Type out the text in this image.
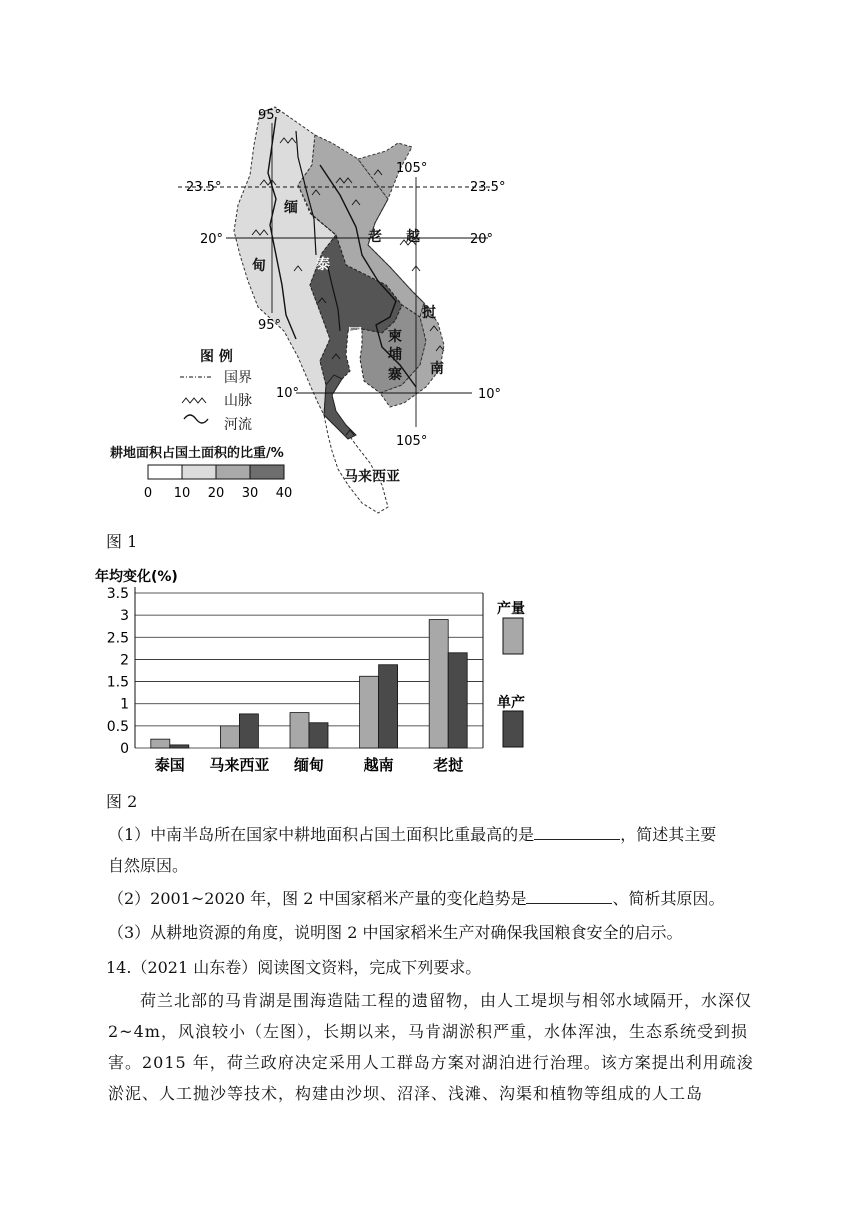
95°
95°
105°
105°
23.5°	23.5°
20°	20°
10°	10°
缅
甸
老
挝
泰
国
越
南
柬
埔
寨
马来西亚
图 例
国界
山脉
河流
耕地面积占国土面积的比重/%
0 10 20 30 40
图 1
年均变化(%)
0
0.5
1
1.5
2
2.5
3
3.5
泰国 马来西亚 缅甸	越南	老挝
产量
单产
图 2
（1）中南半岛所在国家中耕地面积占国土面积比重最高的是	，简述其主要
自然原因。
（2）2001~2020 年，图 2 中国家稻米产量的变化趋势是	、简析其原因。
（3）从耕地资源的角度，说明图 2 中国家稻米生产对确保我国粮食安全的启示。
14.（2021 山东卷）阅读图文资料，完成下列要求。
荷兰北部的马肯湖是围海造陆工程的遗留物，由人工堤坝与相邻水域隔开，水深仅 2~4m，风浪较小（左图），长期以来，马肯湖淤积严重，水体浑浊，生态系统受到损害。2015 年，荷兰政府决定采用人工群岛方案对湖泊进行治理。该方案提出利用疏浚淤泥、人工抛沙等技术，构建由沙坝、沼泽、浅滩、沟渠和植物等组成的人工岛
